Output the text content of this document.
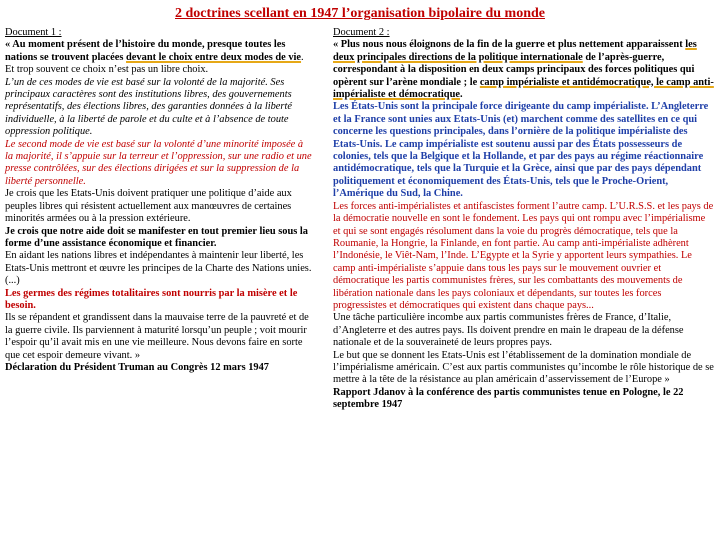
2 doctrines scellant en 1947 l’organisation bipolaire du monde

Document 1 :

« Au moment présent de l’histoire du monde, presque toutes les nations se trouvent placées devant le choix entre deux modes de vie. Et trop souvent ce choix n’est pas un libre choix.

L’un de ces modes de vie est basé sur la volonté de la majorité. Ses principaux caractères sont des institutions libres, des gouvernements représentatifs, des élections libres, des garanties données à la liberté individuelle, à la liberté de parole et du culte et à l’absence de toute oppression politique.

Le second mode de vie est basé sur la volonté d’une minorité imposée à la majorité, il s’appuie sur la terreur et l’oppression, sur une radio et une presse contrôlées, sur des élections dirigées et sur la suppression de la liberté personnelle.

Je crois que les Etats-Unis doivent pratiquer une politique d’aide aux peuples libres qui résistent actuellement aux manœuvres de certaines minorités armées ou à la pression extérieure.

Je crois que notre aide doit se manifester en tout premier lieu sous la forme d’une assistance économique et financier.

En aidant les nations libres et indépendantes à maintenir leur liberté, les Etats-Unis mettront et œuvre les principes de la Charte des Nations unies.(...)

Les germes des régimes totalitaires sont nourris par la misère et le besoin.

Ils se répandent et grandissent dans la mauvaise terre de la pauvreté et de la guerre civile. Ils parviennent à maturité lorsqu’un peuple ; voit mourir l’espoir qu’il avait mis en une vie meilleure. Nous devons faire en sorte que cet espoir demeure vivant. »

Déclaration du Président Truman au Congrès 12 mars 1947

Document 2 :

« Plus nous nous éloignons de la fin de la guerre et plus nettement apparaissent les deux principales directions de la politique internationale de l’après-guerre, correspondant à la disposition en deux camps principaux des forces politiques qui opèrent sur l’arène mondiale ; le camp impérialiste et antidémocratique, le camp anti-impérialiste et démocratique.

Les États-Unis sont la principale force dirigeante du camp impérialiste. L’Angleterre et la France sont unies aux Etats-Unis (et) marchent comme des satellites en ce qui concerne les questions principales, dans l’ornière de la politique impérialiste des Etats-Unis. Le camp impérialiste est soutenu aussi par des États possesseurs de colonies, tels que la Belgique et la Hollande, et par des pays au régime réactionnaire antidémocratique, tels que la Turquie et la Grèce, ainsi que par des pays dépendant politiquement et économiquement des États-Unis, tels que le Proche-Orient, l’Amérique du Sud, la Chine.

Les forces anti-impérialistes et antifascistes forment l’autre camp. L’U.R.S.S. et les pays de la démocratie nouvelle en sont le fondement. Les pays qui ont rompu avec l’impérialisme et qui se sont engagés résolument dans la voie du progrès démocratique, tels que la Roumanie, la Hongrie, la Finlande, en font partie. Au camp anti-impérialiste adhèrent l’Indonésie, le Viêt-Nam, l’Inde. L’Egypte et la Syrie y apportent leurs sympathies. Le camp anti-impérialiste s’appuie dans tous les pays sur le mouvement ouvrier et démocratique les partis communistes frères, sur les combattants des mouvements de libération nationale dans les pays coloniaux et dépendants, sur toutes les forces progressistes et démocratiques qui existent dans chaque pays...

Une tâche particulière incombe aux partis communistes frères de France, d’Italie, d’Angleterre et des autres pays. Ils doivent prendre en main le drapeau de la défense nationale et de la souveraineté de leurs propres pays.

Le but que se donnent les Etats-Unis est l’établissement de la domination mondiale de l’impérialisme américain. C’est aux partis communistes qu’incombe le rôle historique de se mettre à la tête de la résistance au plan américain d’asservissement de l’Europe »

Rapport Jdanov à la conférence des partis communistes tenue en Pologne, le 22 septembre 1947
